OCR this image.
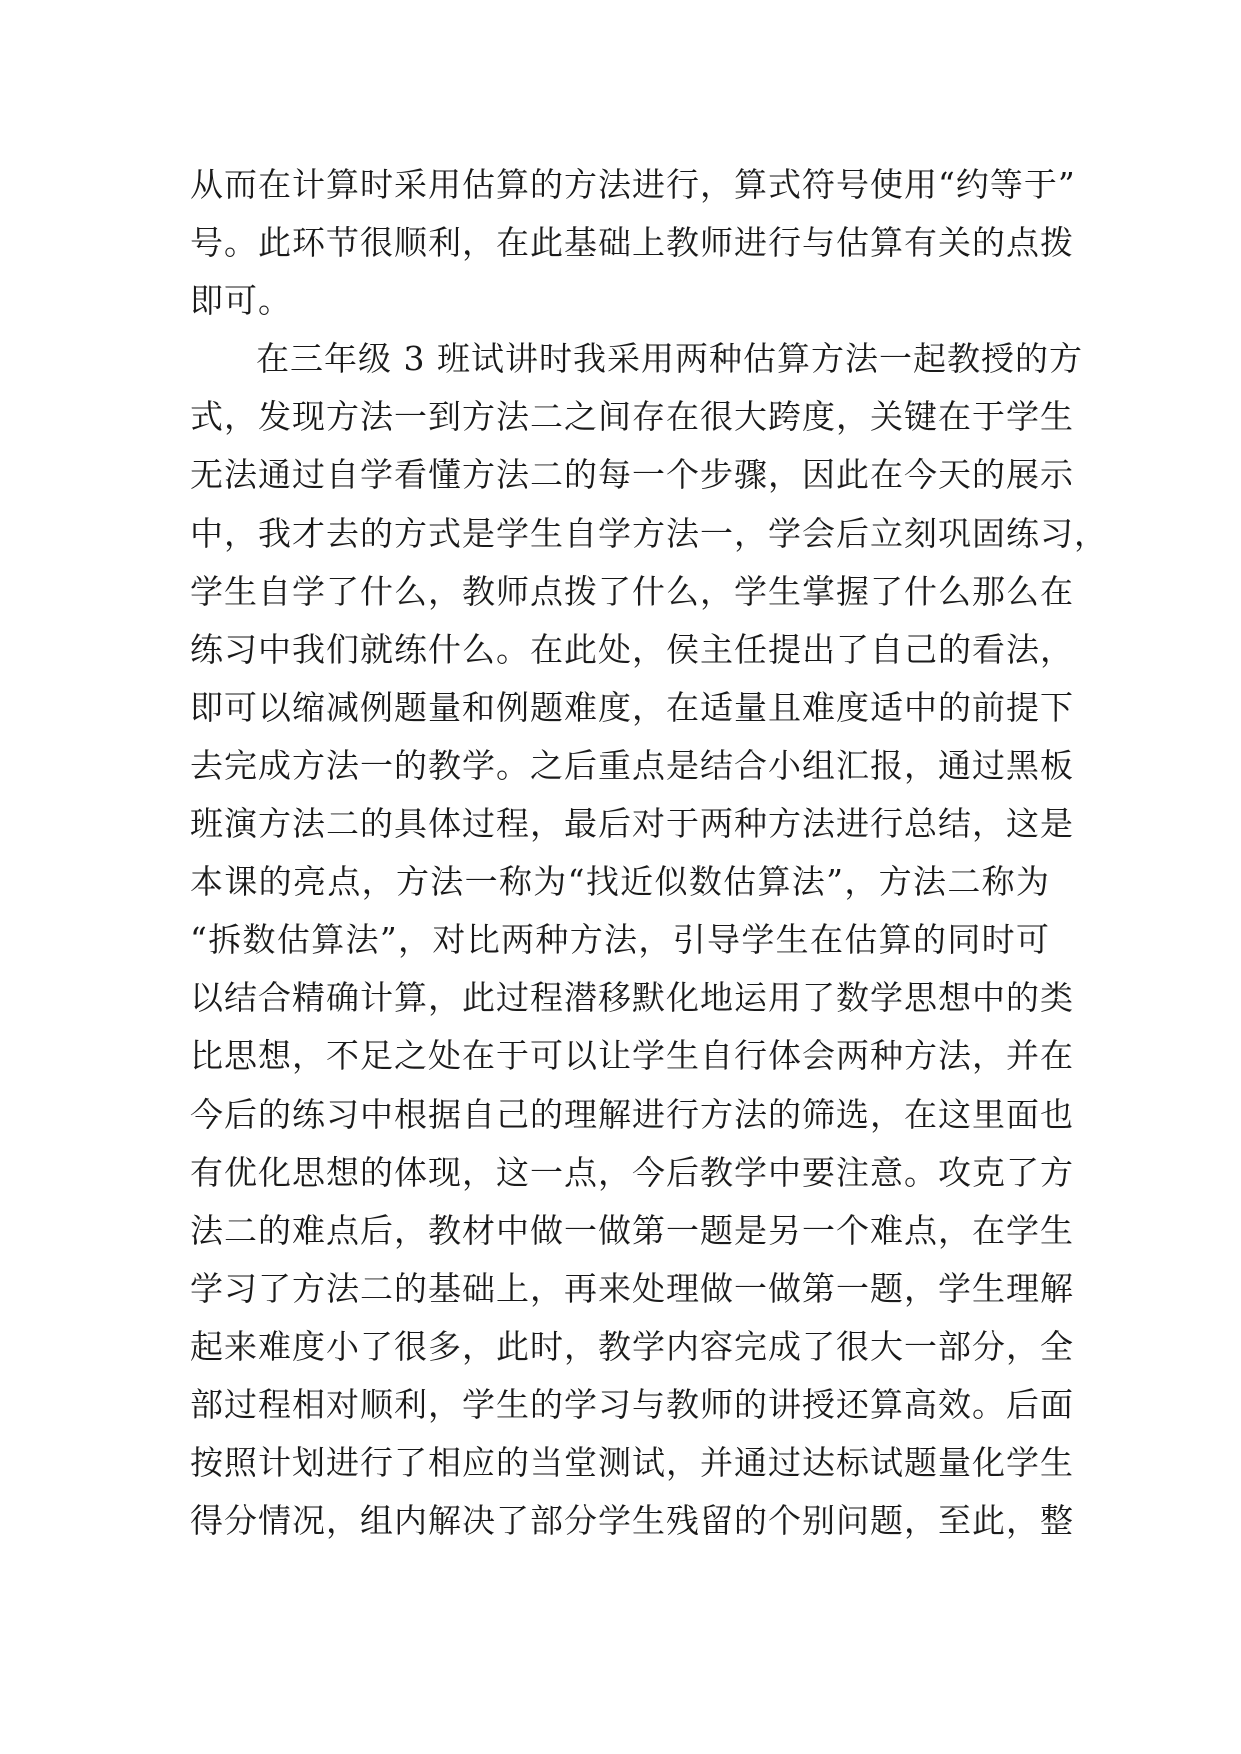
从而在计算时采用估算的方法进行，算式符号使用“约等于”
号。此环节很顺利，在此基础上教师进行与估算有关的点拨
即可。
在三年级 3 班试讲时我采用两种估算方法一起教授的方
式，发现方法一到方法二之间存在很大跨度，关键在于学生
无法通过自学看懂方法二的每一个步骤，因此在今天的展示
中，我才去的方式是学生自学方法一，学会后立刻巩固练习，
学生自学了什么，教师点拨了什么，学生掌握了什么那么在
练习中我们就练什么。在此处，侯主任提出了自己的看法，
即可以缩减例题量和例题难度，在适量且难度适中的前提下
去完成方法一的教学。之后重点是结合小组汇报，通过黑板
班演方法二的具体过程，最后对于两种方法进行总结，这是
本课的亮点，方法一称为“找近似数估算法”，方法二称为
“拆数估算法”，对比两种方法，引导学生在估算的同时可
以结合精确计算，此过程潜移默化地运用了数学思想中的类
比思想，不足之处在于可以让学生自行体会两种方法，并在
今后的练习中根据自己的理解进行方法的筛选，在这里面也
有优化思想的体现，这一点，今后教学中要注意。攻克了方
法二的难点后，教材中做一做第一题是另一个难点，在学生
学习了方法二的基础上，再来处理做一做第一题，学生理解
起来难度小了很多，此时，教学内容完成了很大一部分，全
部过程相对顺利，学生的学习与教师的讲授还算高效。后面
按照计划进行了相应的当堂测试，并通过达标试题量化学生
得分情况，组内解决了部分学生残留的个别问题，至此，整
